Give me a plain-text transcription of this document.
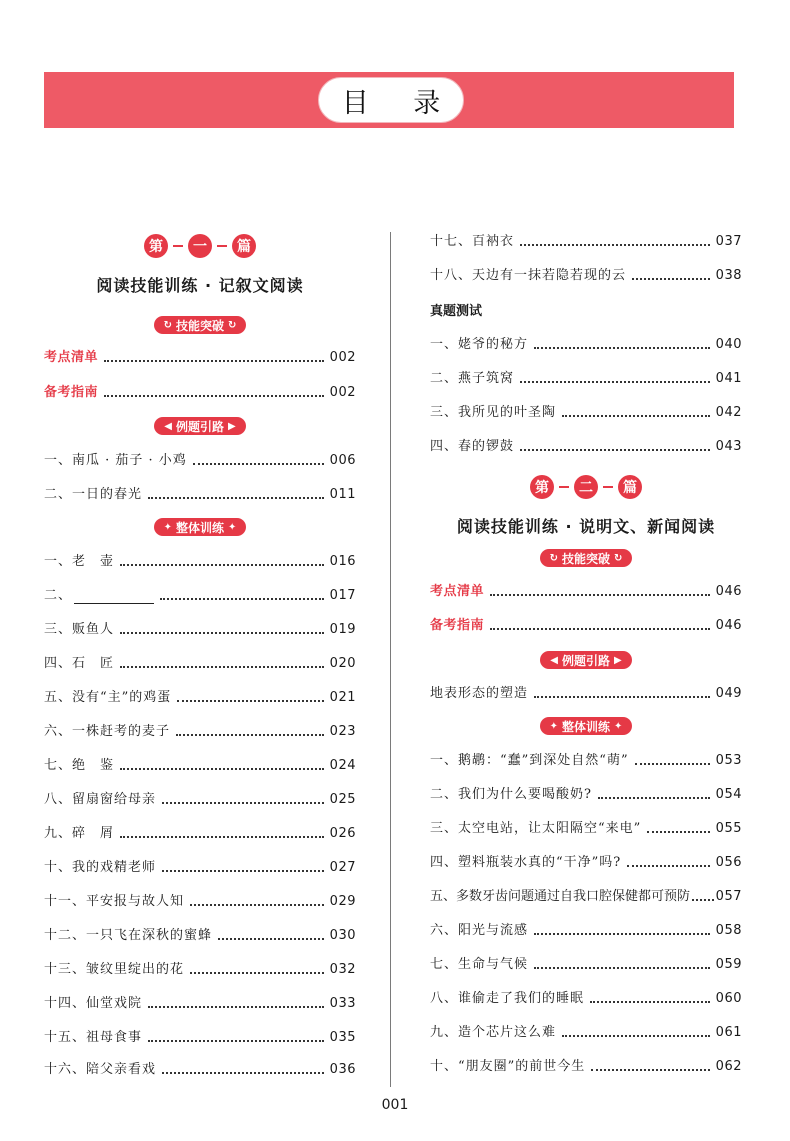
目 录
第	一	篇
阅读技能训练 · 记叙文阅读
↻ 技能突破 ↻
考点清单	002
备考指南	002
◀ 例题引路 ▶
一、南瓜 · 茄子 · 小鸡	006
二、一日的春光	011
✦ 整体训练 ✦
一、老　壶	016
二、	017
三、贩鱼人	019
四、石　匠	020
五、没有“主”的鸡蛋	021
六、一株赶考的麦子	023
七、绝　鉴	024
八、留扇窗给母亲	025
九、碎　屑	026
十、我的戏精老师	027
十一、平安报与故人知	029
十二、一只飞在深秋的蜜蜂	030
十三、皱纹里绽出的花	032
十四、仙堂戏院	033
十五、祖母食事	035
十六、陪父亲看戏	036
十七、百衲衣	037
十八、天边有一抹若隐若现的云	038
真题测试
一、姥爷的秘方	040
二、燕子筑窝	041
三、我所见的叶圣陶	042
四、春的锣鼓	043
第	二	篇
阅读技能训练 · 说明文、新闻阅读
↻ 技能突破 ↻
考点清单	046
备考指南	046
◀ 例题引路 ▶
地表形态的塑造	049
✦ 整体训练 ✦
一、鹅鹕：“蠢”到深处自然“萌”	053
二、我们为什么要喝酸奶?	054
三、太空电站，让太阳隔空“来电”	055
四、塑料瓶装水真的“干净”吗?	056
五、多数牙齿问题通过自我口腔保健都可预防 057
六、阳光与流感	058
七、生命与气候	059
八、谁偷走了我们的睡眠	060
九、造个芯片这么难	061
十、“朋友圈”的前世今生	062
001
